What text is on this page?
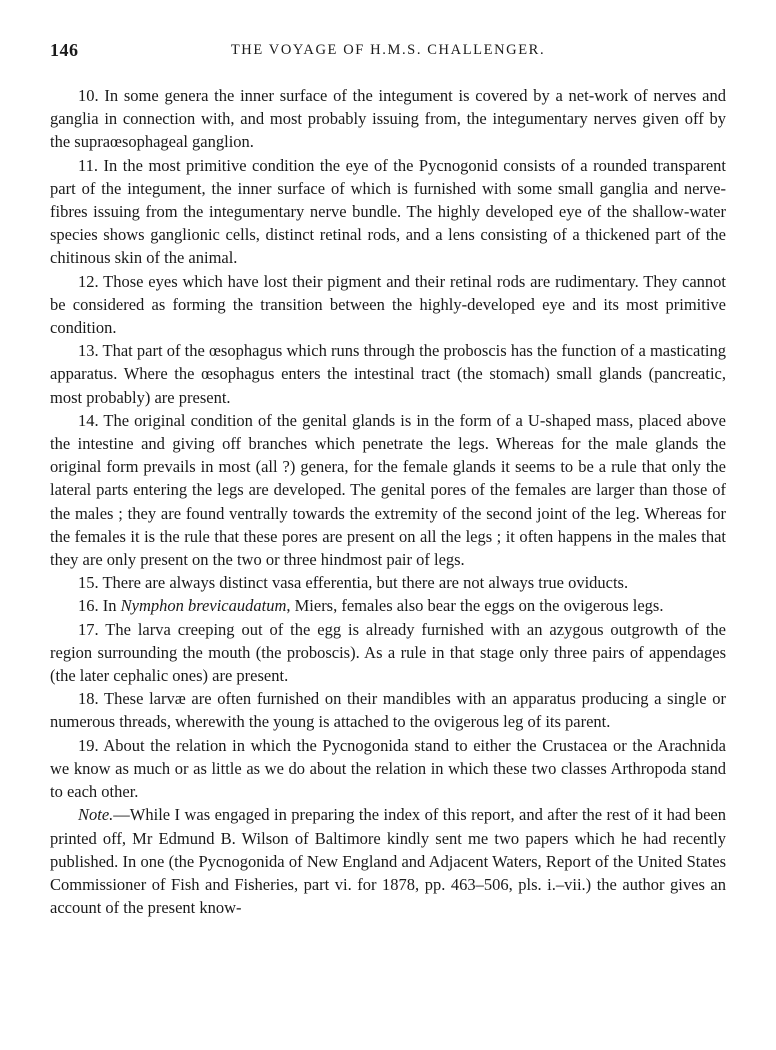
146	THE VOYAGE OF H.M.S. CHALLENGER.

10. In some genera the inner surface of the integument is covered by a net-work of nerves and ganglia in connection with, and most probably issuing from, the integumentary nerves given off by the supraœsophageal ganglion.

11. In the most primitive condition the eye of the Pycnogonid consists of a rounded transparent part of the integument, the inner surface of which is furnished with some small ganglia and nerve-fibres issuing from the integumentary nerve bundle. The highly developed eye of the shallow-water species shows ganglionic cells, distinct retinal rods, and a lens consisting of a thickened part of the chitinous skin of the animal.

12. Those eyes which have lost their pigment and their retinal rods are rudimentary. They cannot be considered as forming the transition between the highly-developed eye and its most primitive condition.

13. That part of the œsophagus which runs through the proboscis has the function of a masticating apparatus. Where the œsophagus enters the intestinal tract (the stomach) small glands (pancreatic, most probably) are present.

14. The original condition of the genital glands is in the form of a U-shaped mass, placed above the intestine and giving off branches which penetrate the legs. Whereas for the male glands the original form prevails in most (all ?) genera, for the female glands it seems to be a rule that only the lateral parts entering the legs are developed. The genital pores of the females are larger than those of the males ; they are found ventrally towards the extremity of the second joint of the leg. Whereas for the females it is the rule that these pores are present on all the legs ; it often happens in the males that they are only present on the two or three hindmost pair of legs.

15. There are always distinct vasa efferentia, but there are not always true oviducts.

16. In Nymphon brevicaudatum, Miers, females also bear the eggs on the ovigerous legs.

17. The larva creeping out of the egg is already furnished with an azygous outgrowth of the region surrounding the mouth (the proboscis). As a rule in that stage only three pairs of appendages (the later cephalic ones) are present.

18. These larvæ are often furnished on their mandibles with an apparatus producing a single or numerous threads, wherewith the young is attached to the ovigerous leg of its parent.

19. About the relation in which the Pycnogonida stand to either the Crustacea or the Arachnida we know as much or as little as we do about the relation in which these two classes Arthropoda stand to each other.

Note.—While I was engaged in preparing the index of this report, and after the rest of it had been printed off, Mr Edmund B. Wilson of Baltimore kindly sent me two papers which he had recently published. In one (the Pycnogonida of New England and Adjacent Waters, Report of the United States Commissioner of Fish and Fisheries, part vi. for 1878, pp. 463–506, pls. i.–vii.) the author gives an account of the present know-
